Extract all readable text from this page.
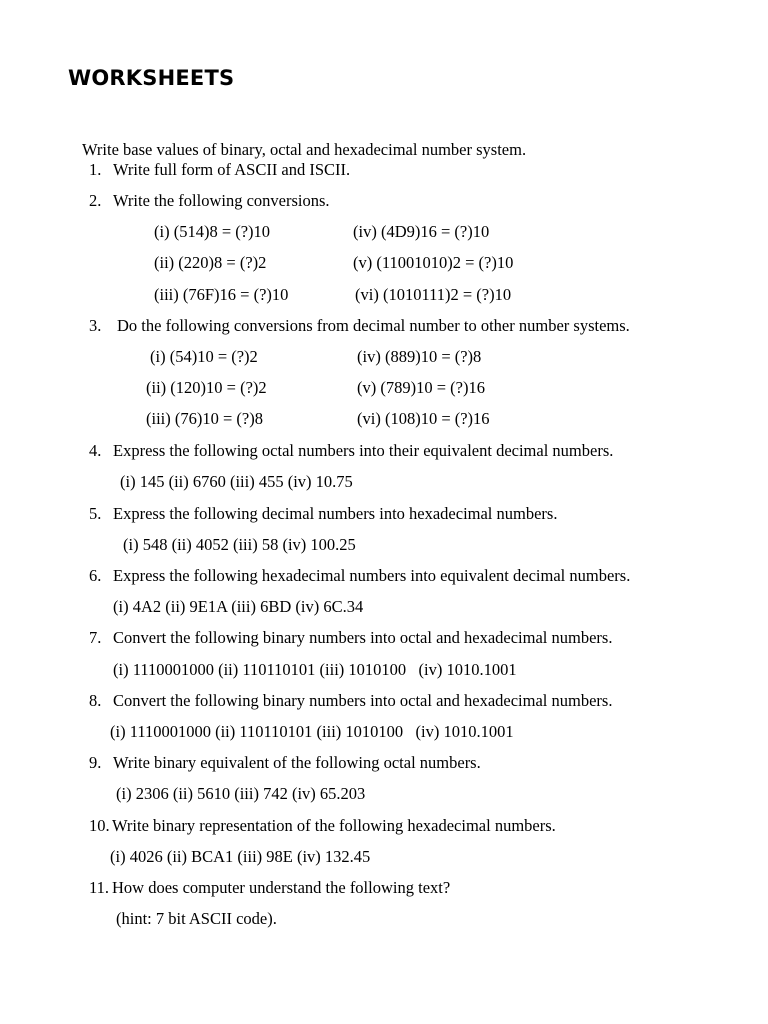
WORKSHEETS
Write base values of binary, octal and hexadecimal number system.
1. Write full form of ASCII and ISCII.
2. Write the following conversions.
(i) (514)8 = (?)10	(iv) (4D9)16 = (?)10
(ii) (220)8 = (?)2	(v) (11001010)2 = (?)10
(iii) (76F)16 = (?)10	(vi) (1010111)2 = (?)10
3. Do the following conversions from decimal number to other number systems.
(i) (54)10 = (?)2	(iv) (889)10 = (?)8
(ii) (120)10 = (?)2	(v) (789)10 = (?)16
(iii) (76)10 = (?)8	(vi) (108)10 = (?)16
4. Express the following octal numbers into their equivalent decimal numbers.
(i) 145 (ii) 6760 (iii) 455 (iv) 10.75
5. Express the following decimal numbers into hexadecimal numbers.
(i) 548 (ii) 4052 (iii) 58 (iv) 100.25
6. Express the following hexadecimal numbers into equivalent decimal numbers.
(i) 4A2 (ii) 9E1A (iii) 6BD (iv) 6C.34
7. Convert the following binary numbers into octal and hexadecimal numbers.
(i) 1110001000 (ii) 110110101 (iii) 1010100   (iv) 1010.1001
8. Convert the following binary numbers into octal and hexadecimal numbers.
(i) 1110001000 (ii) 110110101 (iii) 1010100   (iv) 1010.1001
9. Write binary equivalent of the following octal numbers.
(i) 2306 (ii) 5610 (iii) 742 (iv) 65.203
10. Write binary representation of the following hexadecimal numbers.
(i) 4026 (ii) BCA1 (iii) 98E (iv) 132.45
11. How does computer understand the following text?
(hint: 7 bit ASCII code).
